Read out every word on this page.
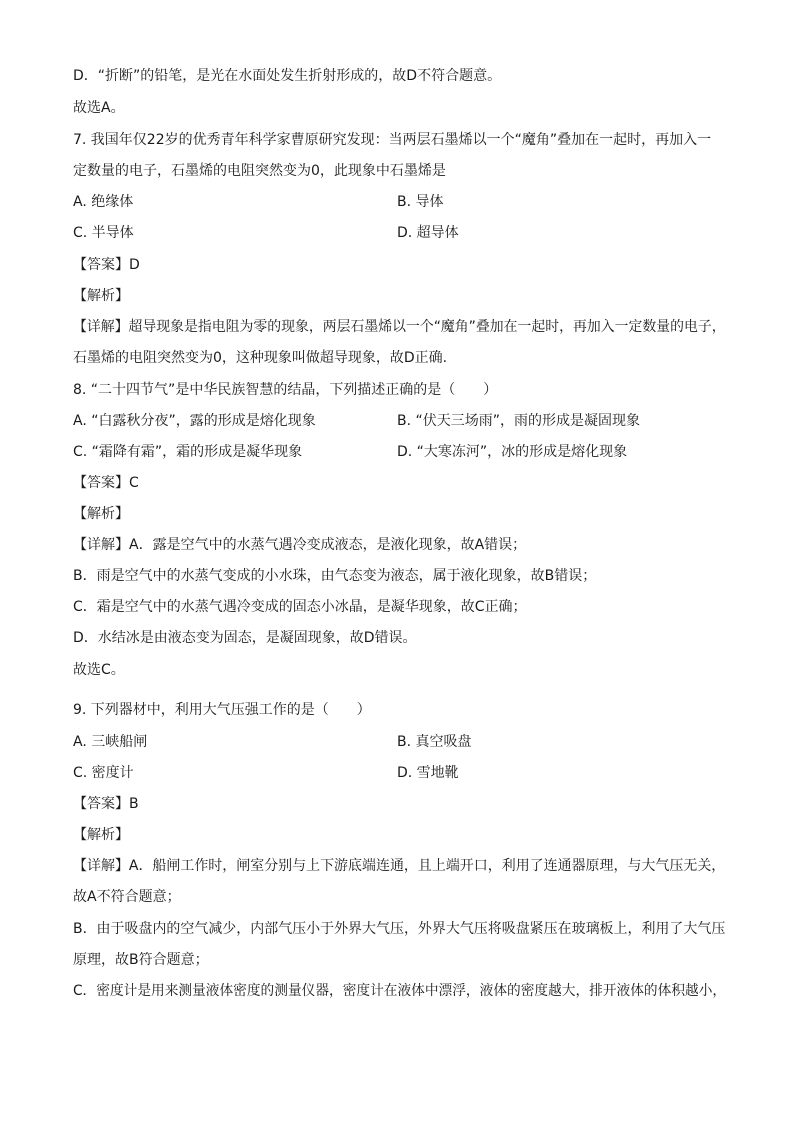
D．“折断”的铅笔，是光在水面处发生折射形成的，故D不符合题意。
故选A。
7. 我国年仅22岁的优秀青年科学家曹原研究发现：当两层石墨烯以一个“魔角”叠加在一起时，再加入一
定数量的电子，石墨烯的电阻突然变为0，此现象中石墨烯是
A. 绝缘体	B. 导体
C. 半导体	D. 超导体
【答案】D
【解析】
【详解】超导现象是指电阻为零的现象，两层石墨烯以一个“魔角”叠加在一起时，再加入一定数量的电子，
石墨烯的电阻突然变为0，这种现象叫做超导现象，故D正确.
8. “二十四节气”是中华民族智慧的结晶，下列描述正确的是（　　）
A. “白露秋分夜”，露的形成是熔化现象	B. “伏天三场雨”，雨的形成是凝固现象
C. “霜降有霜”，霜的形成是凝华现象	D. “大寒冻河”，冰的形成是熔化现象
【答案】C
【解析】
【详解】A．露是空气中的水蒸气遇冷变成液态，是液化现象，故A错误；
B．雨是空气中的水蒸气变成的小水珠，由气态变为液态，属于液化现象，故B错误；
C．霜是空气中的水蒸气遇冷变成的固态小冰晶，是凝华现象，故C正确；
D．水结冰是由液态变为固态，是凝固现象，故D错误。
故选C。
9. 下列器材中，利用大气压强工作的是（　　）
A. 三峡船闸	B. 真空吸盘
C. 密度计	D. 雪地靴
【答案】B
【解析】
【详解】A．船闸工作时，闸室分别与上下游底端连通，且上端开口，利用了连通器原理，与大气压无关，
故A不符合题意；
B．由于吸盘内的空气减少，内部气压小于外界大气压，外界大气压将吸盘紧压在玻璃板上，利用了大气压
原理，故B符合题意；
C．密度计是用来测量液体密度的测量仪器，密度计在液体中漂浮，液体的密度越大，排开液体的体积越小，
